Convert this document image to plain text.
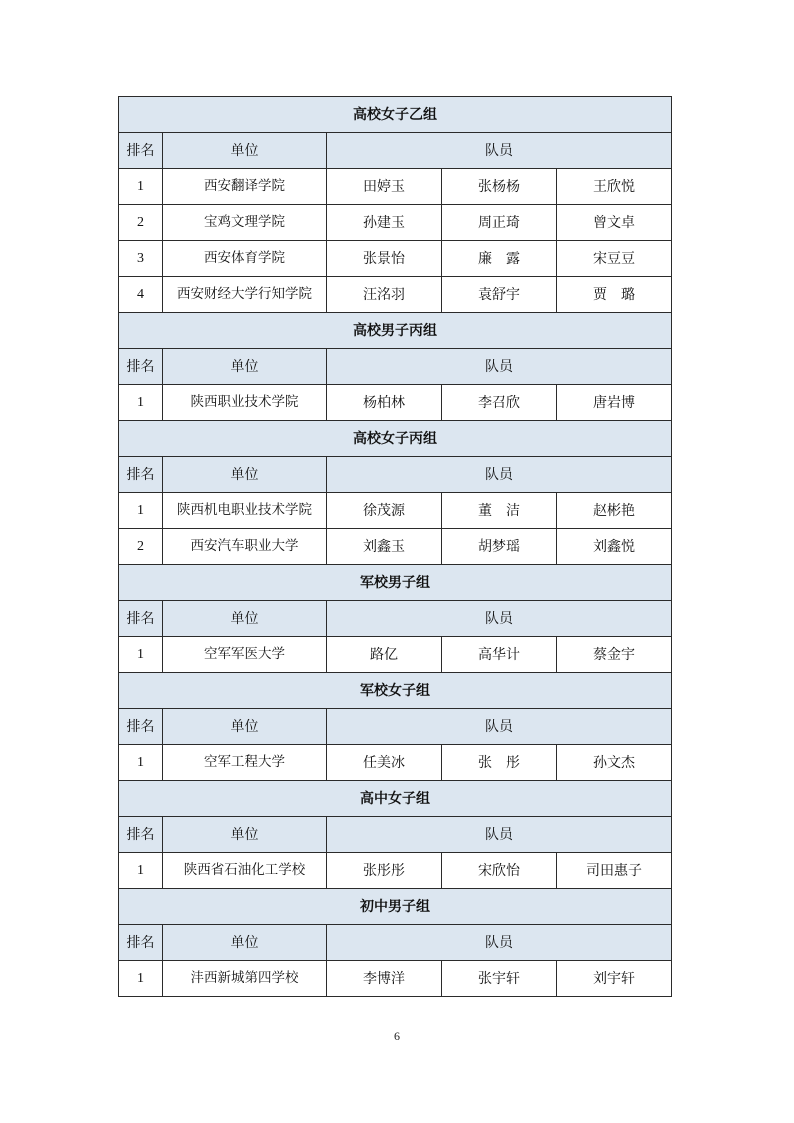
高校女子乙组				
排名	单位	队员		
1	西安翻译学院	田婷玉	张杨杨	王欣悦
2	宝鸡文理学院	孙建玉	周正琦	曾文卓
3	西安体育学院	张景怡	廉　露	宋豆豆
4	西安财经大学行知学院	汪洺羽	袁舒宇	贾　璐
高校男子丙组				
排名	单位	队员		
1	陕西职业技术学院	杨柏林	李召欣	唐岩博
高校女子丙组				
排名	单位	队员		
1	陕西机电职业技术学院	徐茂源	董　洁	赵彬艳
2	西安汽车职业大学	刘鑫玉	胡梦瑶	刘鑫悦
军校男子组				
排名	单位	队员		
1	空军军医大学	路亿	高华计	蔡金宇
军校女子组				
排名	单位	队员		
1	空军工程大学	任美冰	张　彤	孙文杰
高中女子组				
排名	单位	队员		
1	陕西省石油化工学校	张彤彤	宋欣怡	司田惠子
初中男子组				
排名	单位	队员		
1	沣西新城第四学校	李博洋	张宇轩	刘宇轩
6
